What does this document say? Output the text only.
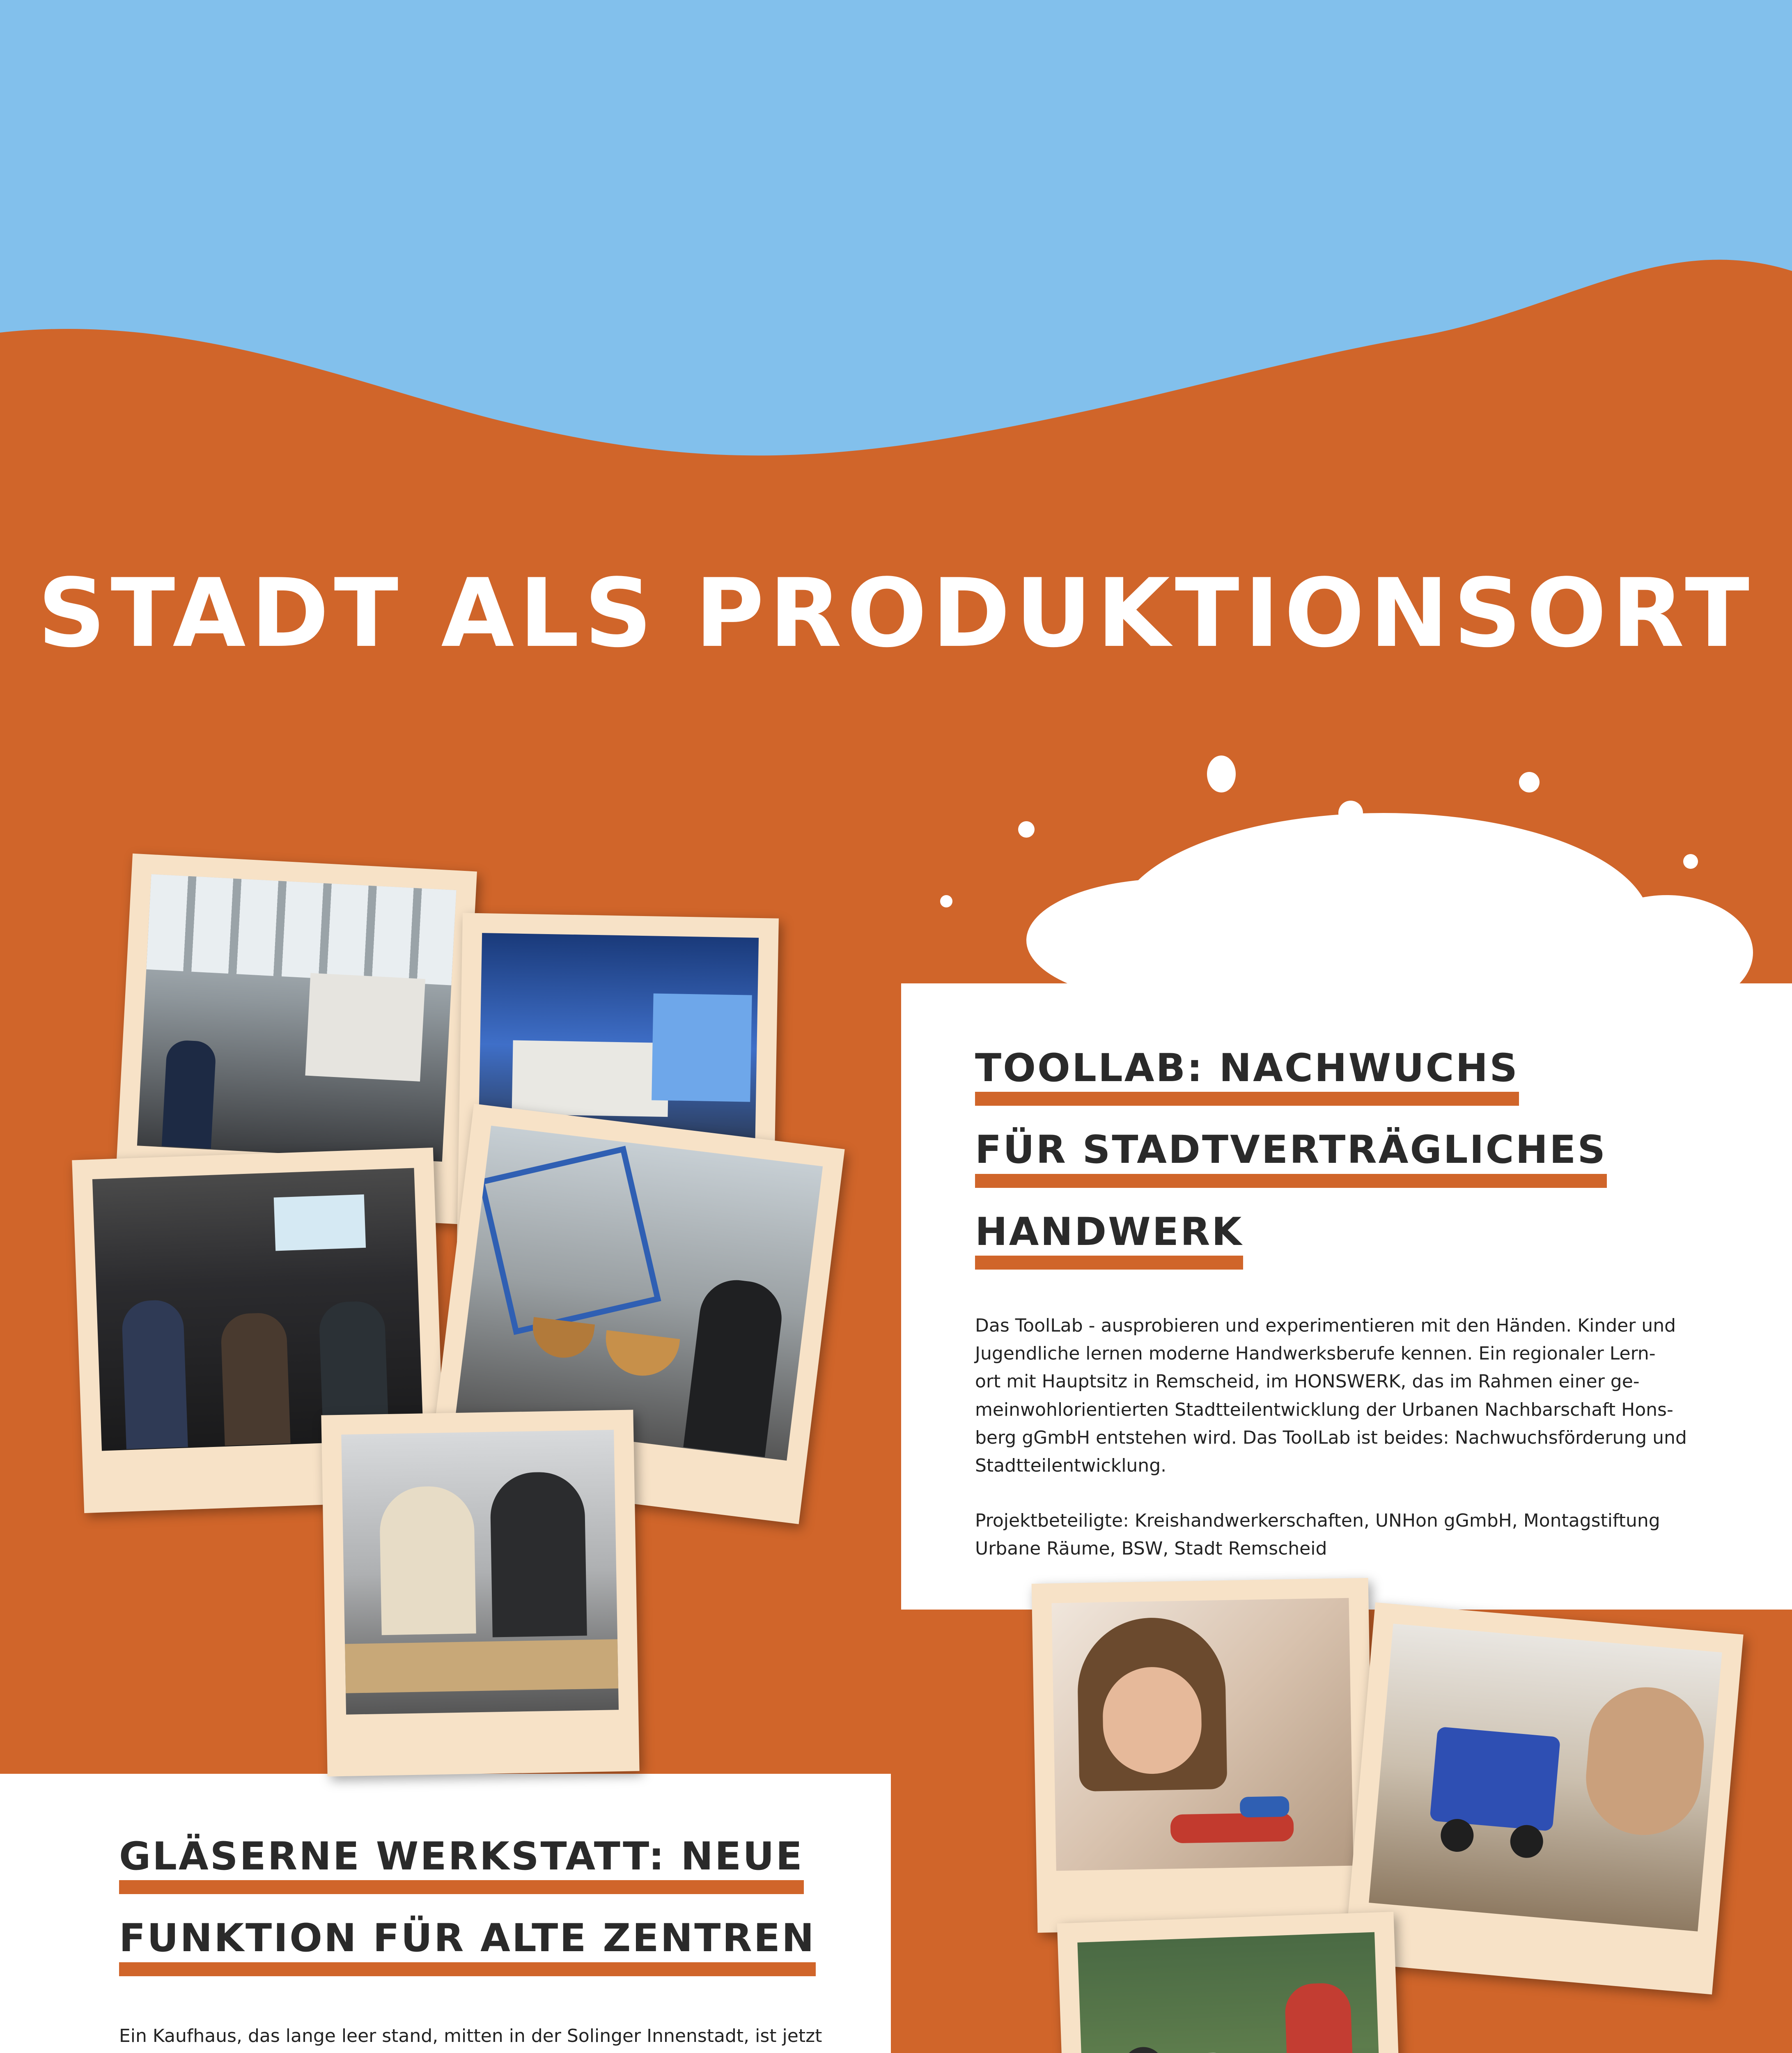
STADT ALS PRODUKTIONSORT
TOOLLAB: NACHWUCHS
FÜR STADTVERTRÄGLICHES
HANDWERK

Das ToolLab - ausprobieren und experimentieren mit den Händen. Kinder und

Jugendliche lernen moderne Handwerksberufe kennen. Ein regionaler Lern-

ort mit Hauptsitz in Remscheid, im HONSWERK, das im Rahmen einer ge-

meinwohlorientierten Stadtteilentwicklung der Urbanen Nachbarschaft Hons-

berg gGmbH entstehen wird. Das ToolLab ist beides: Nachwuchsförderung und

Stadtteilentwicklung.

Projektbeteiligte: Kreishandwerkerschaften, UNHon gGmbH, Montagstiftung

Urbane Räume, BSW, Stadt Remscheid

GLÄSERNE WERKSTATT: NEUE
FUNKTION FÜR ALTE ZENTREN

Ein Kaufhaus, das lange leer stand, mitten in der Solinger Innenstadt, ist jetzt
